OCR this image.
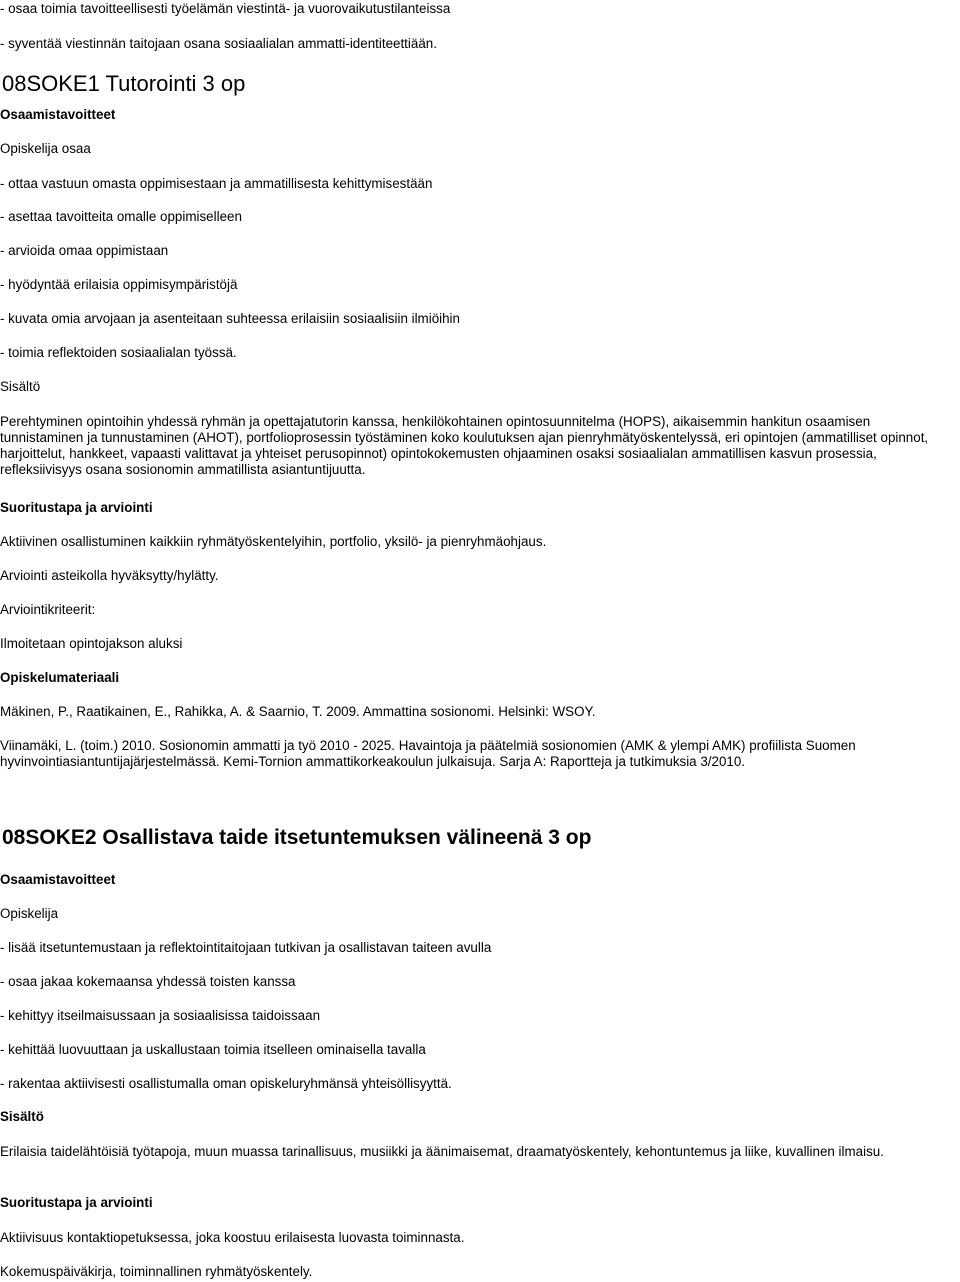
- osaa toimia tavoitteellisesti työelämän viestintä- ja vuorovaikutustilanteissa
- syventää viestinnän taitojaan osana sosiaalialan ammatti-identiteettiään.
08SOKE1 Tutorointi 3 op
Osaamistavoitteet
Opiskelija osaa
- ottaa vastuun omasta oppimisestaan ja ammatillisesta kehittymisestään
- asettaa tavoitteita omalle oppimiselleen
- arvioida omaa oppimistaan
- hyödyntää erilaisia oppimisympäristöjä
- kuvata omia arvojaan ja asenteitaan suhteessa erilaisiin sosiaalisiin ilmiöihin
- toimia reflektoiden sosiaalialan työssä.
Sisältö
Perehtyminen opintoihin yhdessä ryhmän ja opettajatutorin kanssa, henkilökohtainen opintosuunnitelma (HOPS), aikaisemmin hankitun osaamisen tunnistaminen ja tunnustaminen (AHOT), portfolioprosessin työstäminen koko koulutuksen ajan pienryhmätyöskentelyssä, eri opintojen (ammatilliset opinnot, harjoittelut, hankkeet, vapaasti valittavat ja yhteiset perusopinnot) opintokokemusten ohjaaminen osaksi sosiaalialan ammatillisen kasvun prosessia, refleksiivisyys osana sosionomin ammatillista asiantuntijuutta.
Suoritustapa ja arviointi
Aktiivinen osallistuminen kaikkiin ryhmätyöskentelyihin, portfolio, yksilö- ja pienryhmäohjaus.
Arviointi asteikolla hyväksytty/hylätty.
Arviointikriteerit:
Ilmoitetaan opintojakson aluksi
Opiskelumateriaali
Mäkinen, P., Raatikainen, E., Rahikka, A. & Saarnio, T. 2009. Ammattina sosionomi. Helsinki: WSOY.
Viinamäki, L. (toim.) 2010. Sosionomin ammatti ja työ 2010 - 2025. Havaintoja ja päätelmiä sosionomien (AMK & ylempi AMK) profiilista Suomen
hyvinvointiasiantuntijajärjestelmässä. Kemi-Tornion ammattikorkeakoulun julkaisuja. Sarja A: Raportteja ja tutkimuksia 3/2010.
08SOKE2 Osallistava taide itsetuntemuksen välineenä 3 op
Osaamistavoitteet
Opiskelija
- lisää itsetuntemustaan ja reflektointitaitojaan tutkivan ja osallistavan taiteen avulla
- osaa jakaa kokemaansa yhdessä toisten kanssa
- kehittyy itseilmaisussaan ja sosiaalisissa taidoissaan
- kehittää luovuuttaan ja uskallustaan toimia itselleen ominaisella tavalla
- rakentaa aktiivisesti osallistumalla oman opiskeluryhmänsä yhteisöllisyyttä.
Sisältö
Erilaisia taidelähtöisiä työtapoja, muun muassa tarinallisuus, musiikki ja äänimaisemat, draamatyöskentely, kehontuntemus ja liike, kuvallinen ilmaisu.
Suoritustapa ja arviointi
Aktiivisuus kontaktiopetuksessa, joka koostuu erilaisesta luovasta toiminnasta.
Kokemuspäiväkirja, toiminnallinen ryhmätyöskentely.
